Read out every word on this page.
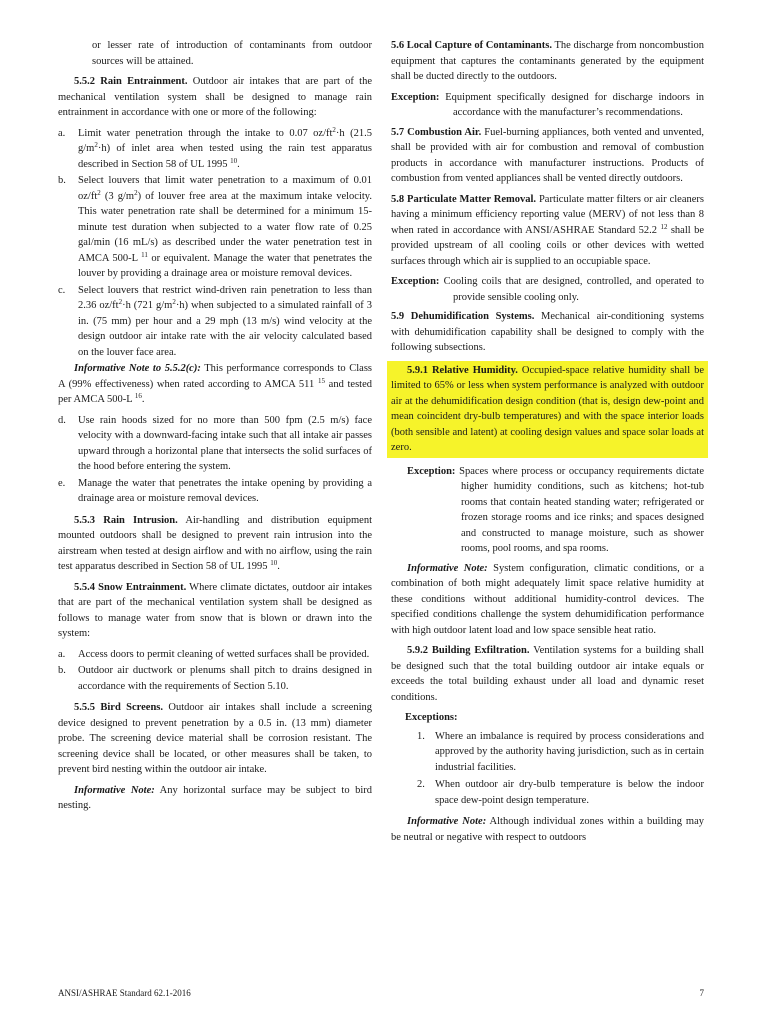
or lesser rate of introduction of contaminants from outdoor sources will be attained.

5.5.2 Rain Entrainment. Outdoor air intakes that are part of the mechanical ventilation system shall be designed to manage rain entrainment in accordance with one or more of the following:

a.	Limit water penetration through the intake to 0.07 $oz/ft^2\cdot h$ (21.5 $g/m^2\cdot h$) of inlet area when tested using the rain test apparatus described in Section 58 of UL 1995 $^{10}$.
b.	Select louvers that limit water penetration to a maximum of 0.01 $oz/ft^2$ (3 $g/m^2$) of louver free area at the maximum intake velocity. This water penetration rate shall be determined for a minimum 15-minute test duration when subjected to a water flow rate of 0.25 gal/min (16 mL/s) as described under the water penetration test in AMCA 500-L $^{11}$ or equivalent. Manage the water that penetrates the louver by providing a drainage area or moisture removal devices.
c.	Select louvers that restrict wind-driven rain penetration to less than 2.36 $oz/ft^2\cdot h$ (721 $g/m^2\cdot h$) when subjected to a simulated rainfall of 3 in. (75 mm) per hour and a 29 mph (13 m/s) wind velocity at the design outdoor air intake rate with the air velocity calculated based on the louver face area.

Informative Note to 5.5.2(c): This performance corresponds to Class A (99% effectiveness) when rated according to AMCA 511 $^{15}$ and tested per AMCA 500-L $^{16}$.

d.	Use rain hoods sized for no more than 500 fpm (2.5 m/s) face velocity with a downward-facing intake such that all intake air passes upward through a horizontal plane that intersects the solid surfaces of the hood before entering the system.
e.	Manage the water that penetrates the intake opening by providing a drainage area or moisture removal devices.

5.5.3 Rain Intrusion. Air-handling and distribution equipment mounted outdoors shall be designed to prevent rain intrusion into the airstream when tested at design airflow and with no airflow, using the rain test apparatus described in Section 58 of UL 1995 $^{10}$.

5.5.4 Snow Entrainment. Where climate dictates, outdoor air intakes that are part of the mechanical ventilation system shall be designed as follows to manage water from snow that is blown or drawn into the system:

a.	Access doors to permit cleaning of wetted surfaces shall be provided.
b.	Outdoor air ductwork or plenums shall pitch to drains designed in accordance with the requirements of Section 5.10.

5.5.5 Bird Screens. Outdoor air intakes shall include a screening device designed to prevent penetration by a 0.5 in. (13 mm) diameter probe. The screening device material shall be corrosion resistant. The screening device shall be located, or other measures shall be taken, to prevent bird nesting within the outdoor air intake.

Informative Note: Any horizontal surface may be subject to bird nesting.

5.6 Local Capture of Contaminants. The discharge from noncombustion equipment that captures the contaminants generated by the equipment shall be ducted directly to the outdoors.

Exception: Equipment specifically designed for discharge indoors in accordance with the manufacturer’s recommendations.

5.7 Combustion Air. Fuel-burning appliances, both vented and unvented, shall be provided with air for combustion and removal of combustion products in accordance with manufacturer instructions. Products of combustion from vented appliances shall be vented directly outdoors.

5.8 Particulate Matter Removal. Particulate matter filters or air cleaners having a minimum efficiency reporting value (MERV) of not less than 8 when rated in accordance with ANSI/ASHRAE Standard 52.2 $^{12}$ shall be provided upstream of all cooling coils or other devices with wetted surfaces through which air is supplied to an occupiable space.

Exception: Cooling coils that are designed, controlled, and operated to provide sensible cooling only.

5.9 Dehumidification Systems. Mechanical air-conditioning systems with dehumidification capability shall be designed to comply with the following subsections.

5.9.1 Relative Humidity. Occupied-space relative humidity shall be limited to 65% or less when system performance is analyzed with outdoor air at the dehumidification design condition (that is, design dew-point and mean coincident dry-bulb temperatures) and with the space interior loads (both sensible and latent) at cooling design values and space solar loads at zero.

Exception: Spaces where process or occupancy requirements dictate higher humidity conditions, such as kitchens; hot-tub rooms that contain heated standing water; refrigerated or frozen storage rooms and ice rinks; and spaces designed and constructed to manage moisture, such as shower rooms, pool rooms, and spa rooms.

Informative Note: System configuration, climatic conditions, or a combination of both might adequately limit space relative humidity at these conditions without additional humidity-control devices. The specified conditions challenge the system dehumidification performance with high outdoor latent load and low space sensible heat ratio.

5.9.2 Building Exfiltration. Ventilation systems for a building shall be designed such that the total building outdoor air intake equals or exceeds the total building exhaust under all load and dynamic reset conditions.

Exceptions:

1. Where an imbalance is required by process considerations and approved by the authority having jurisdiction, such as in certain industrial facilities.
2. When outdoor air dry-bulb temperature is below the indoor space dew-point design temperature.

Informative Note: Although individual zones within a building may be neutral or negative with respect to outdoors

ANSI/ASHRAE Standard 62.1-2016	7
